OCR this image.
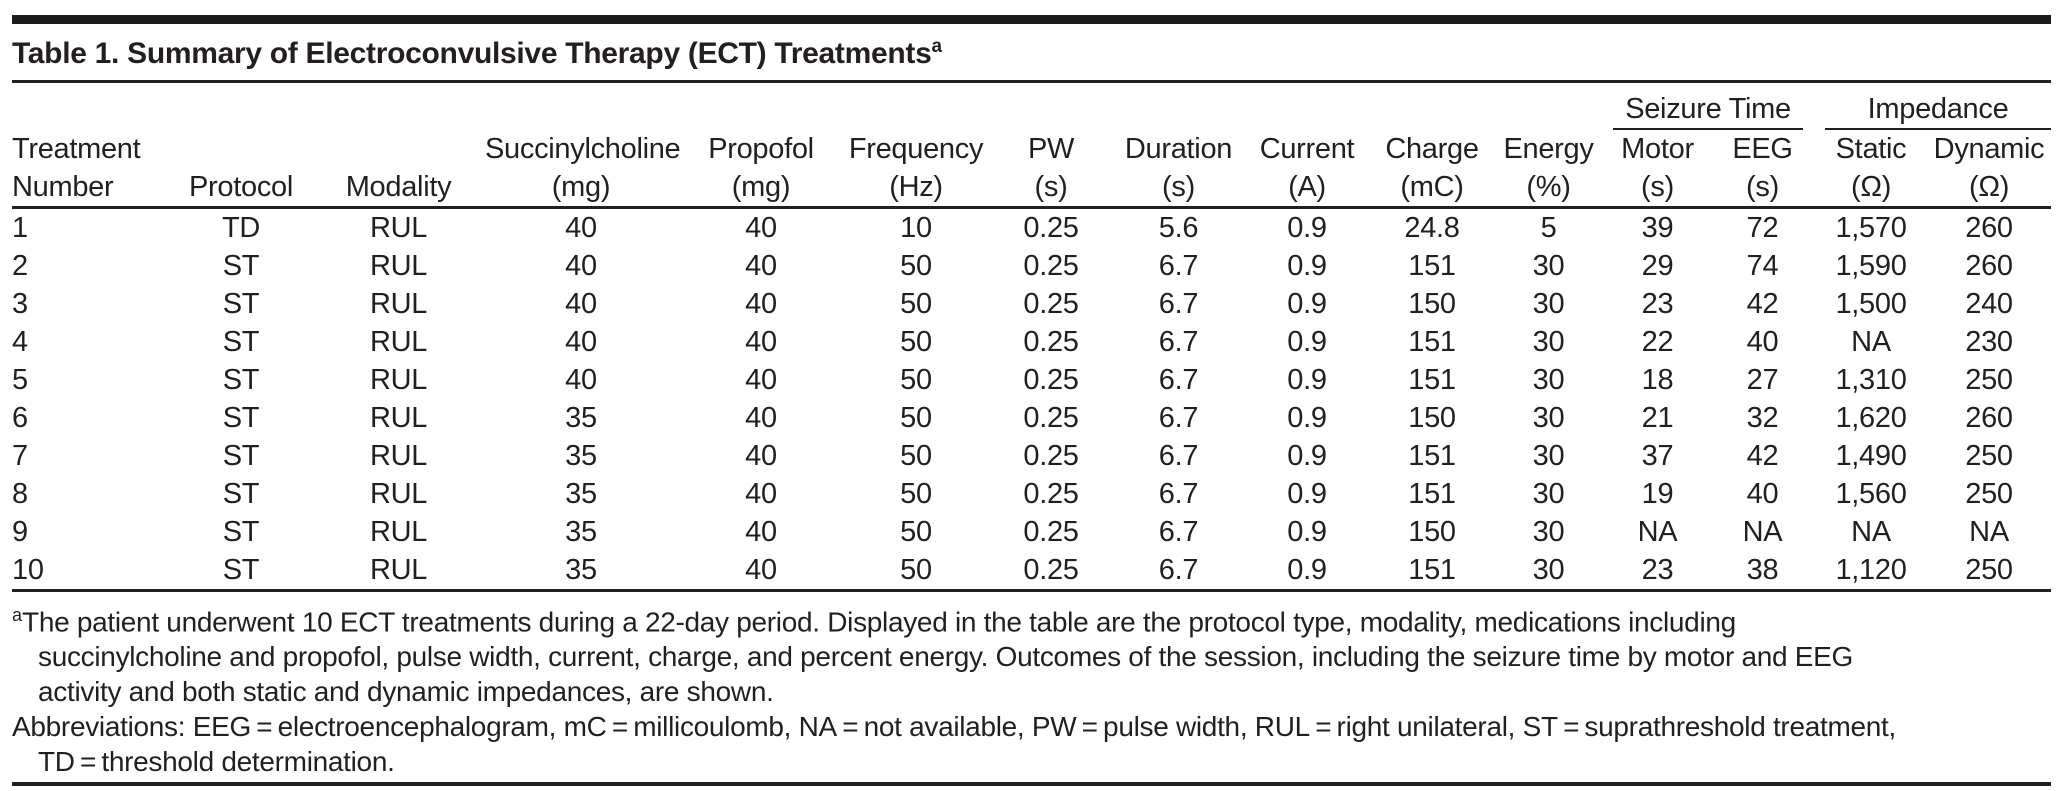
Table 1. Summary of Electroconvulsive Therapy (ECT) Treatments$^a$

											Seizure Time		Impedance	

Treatment			Succinylcholine	Propofol	Frequency	PW	Duration	Current	Charge	Energy	Motor	EEG	Static	Dynamic
Number	Protocol	Modality	(mg)	(mg)	(Hz)	(s)	(s)	(A)	(mC)	(%)	(s)	(s)	(Ω)	(Ω)
1	TD	RUL	40	40	10	0.25	5.6	0.9	24.8	5	39	72	1,570	260
2	ST	RUL	40	40	50	0.25	6.7	0.9	151	30	29	74	1,590	260
3	ST	RUL	40	40	50	0.25	6.7	0.9	150	30	23	42	1,500	240
4	ST	RUL	40	40	50	0.25	6.7	0.9	151	30	22	40	NA	230
5	ST	RUL	40	40	50	0.25	6.7	0.9	151	30	18	27	1,310	250
6	ST	RUL	35	40	50	0.25	6.7	0.9	150	30	21	32	1,620	260
7	ST	RUL	35	40	50	0.25	6.7	0.9	151	30	37	42	1,490	250
8	ST	RUL	35	40	50	0.25	6.7	0.9	151	30	19	40	1,560	250
9	ST	RUL	35	40	50	0.25	6.7	0.9	150	30	NA	NA	NA	NA
10	ST	RUL	35	40	50	0.25	6.7	0.9	151	30	23	38	1,120	250
$^a$The patient underwent 10 ECT treatments during a 22-day period. Displayed in the table are the protocol type, modality, medications including
succinylcholine and propofol, pulse width, current, charge, and percent energy. Outcomes of the session, including the seizure time by motor and EEG
activity and both static and dynamic impedances, are shown.
Abbreviations: EEG = electroencephalogram, mC = millicoulomb, NA = not available, PW = pulse width, RUL = right unilateral, ST = suprathreshold treatment,
TD = threshold determination.
